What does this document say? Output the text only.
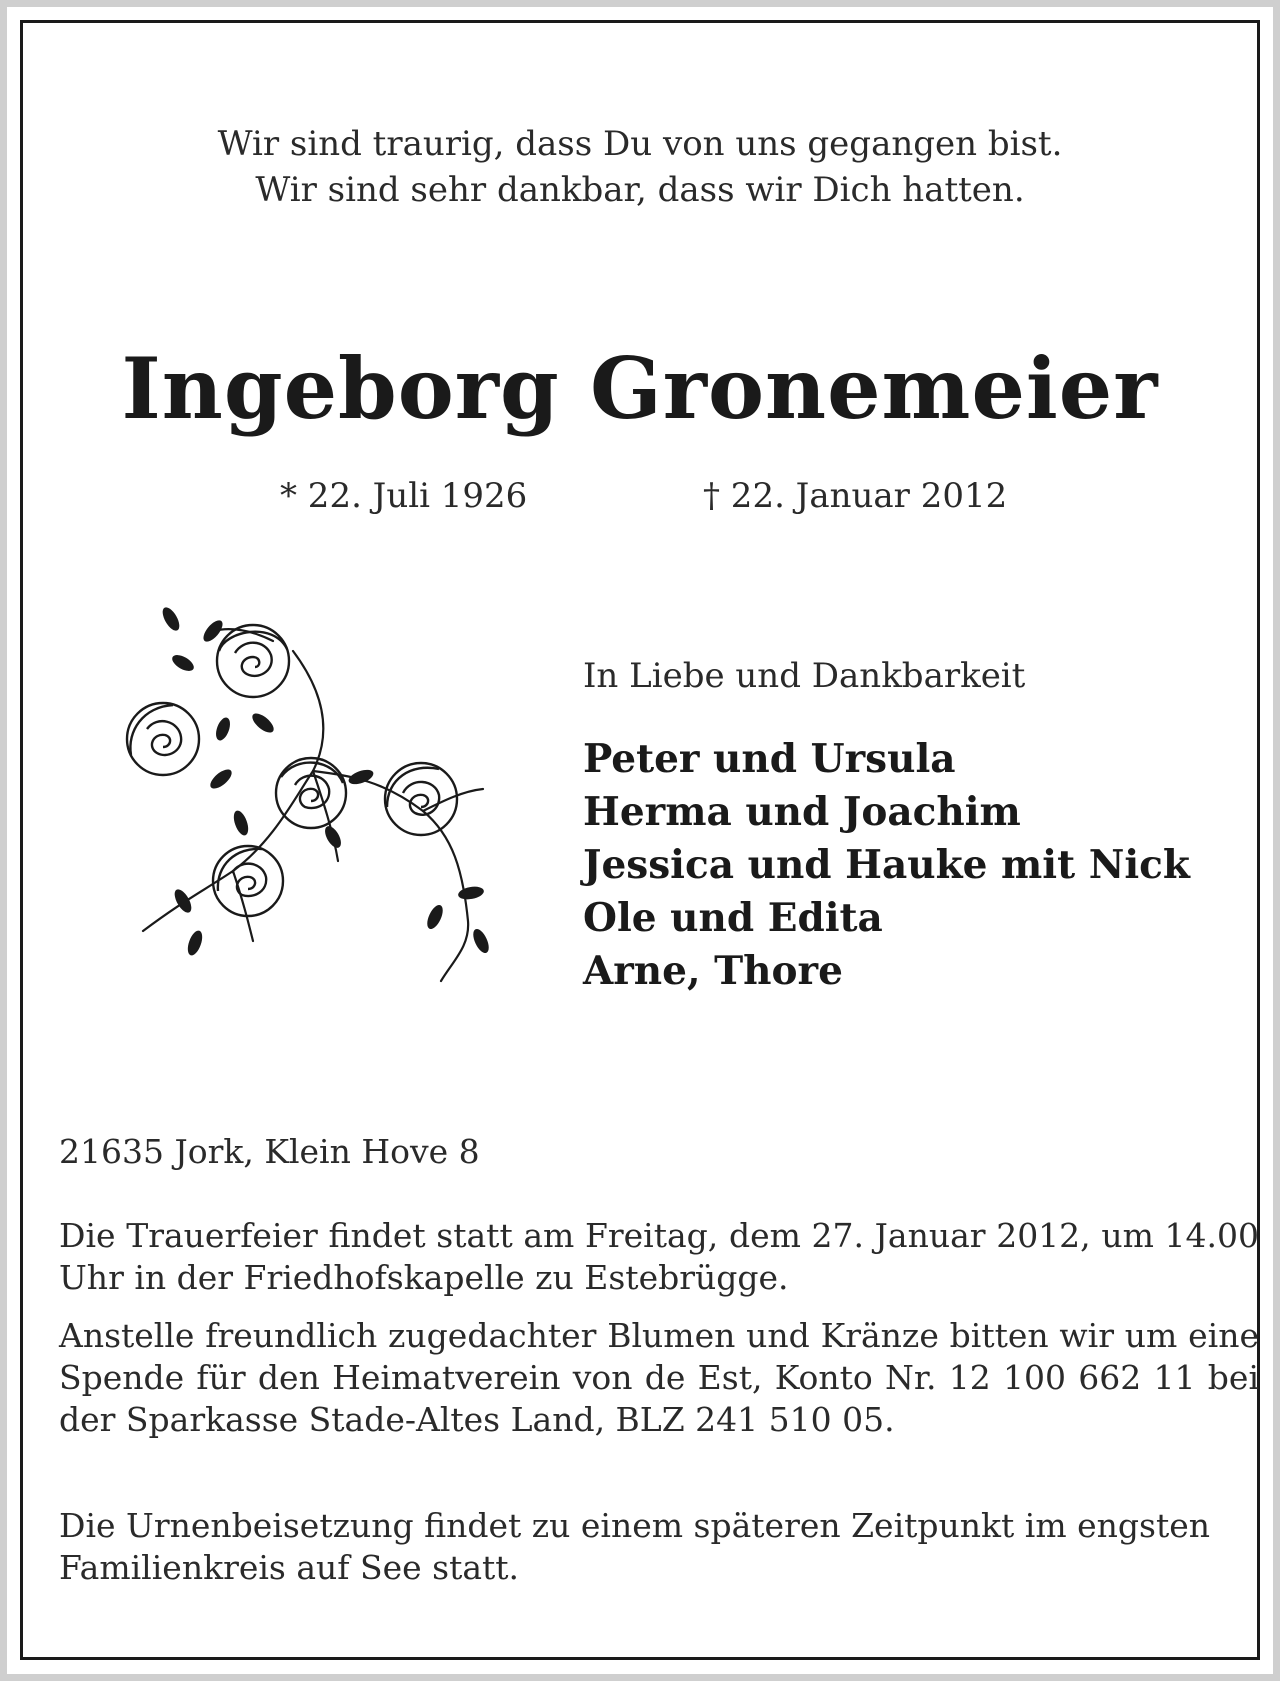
Wir sind traurig, dass Du von uns gegangen bist.
Wir sind sehr dankbar, dass wir Dich hatten.
Ingeborg Gronemeier
* 22. Juli 1926	† 22. Januar 2012
In Liebe und Dankbarkeit
Peter und Ursula
Herma und Joachim
Jessica und Hauke mit Nick
Ole und Edita
Arne, Thore
21635 Jork, Klein Hove 8
Die Trauerfeier findet statt am Freitag, dem 27. Januar 2012, um 14.00 Uhr in der Friedhofskapelle zu Estebrügge.
Anstelle freundlich zugedachter Blumen und Kränze bitten wir um eine Spende für den Heimatverein von de Est, Konto Nr. 12 100 662 11 bei der Sparkasse Stade-Altes Land, BLZ 241 510 05.
Die Urnenbeisetzung findet zu einem späteren Zeitpunkt im engsten Familienkreis auf See statt.
